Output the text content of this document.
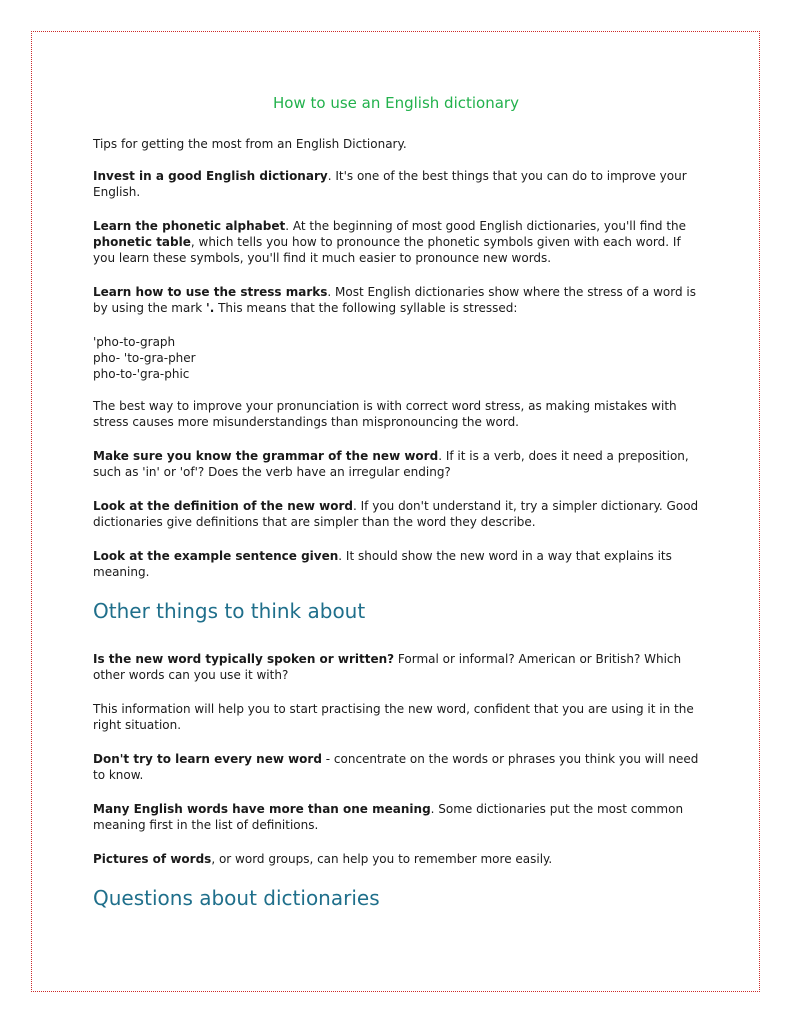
How to use an English dictionary

Tips for getting the most from an English Dictionary.

Invest in a good English dictionary. It's one of the best things that you can do to improve your English.

Learn the phonetic alphabet. At the beginning of most good English dictionaries, you'll find the phonetic table, which tells you how to pronounce the phonetic symbols given with each word. If you learn these symbols, you'll find it much easier to pronounce new words.

Learn how to use the stress marks. Most English dictionaries show where the stress of a word is by using the mark '. This means that the following syllable is stressed:

'pho-to-graph
pho- 'to-gra-pher
pho-to-'gra-phic

The best way to improve your pronunciation is with correct word stress, as making mistakes with stress causes more misunderstandings than mispronouncing the word.

Make sure you know the grammar of the new word. If it is a verb, does it need a preposition, such as 'in' or 'of'? Does the verb have an irregular ending?

Look at the definition of the new word. If you don't understand it, try a simpler dictionary. Good dictionaries give definitions that are simpler than the word they describe.

Look at the example sentence given. It should show the new word in a way that explains its meaning.

Other things to think about

Is the new word typically spoken or written? Formal or informal? American or British? Which other words can you use it with?

This information will help you to start practising the new word, confident that you are using it in the right situation.

Don't try to learn every new word - concentrate on the words or phrases you think you will need to know.

Many English words have more than one meaning. Some dictionaries put the most common meaning first in the list of definitions.

Pictures of words, or word groups, can help you to remember more easily.

Questions about dictionaries
